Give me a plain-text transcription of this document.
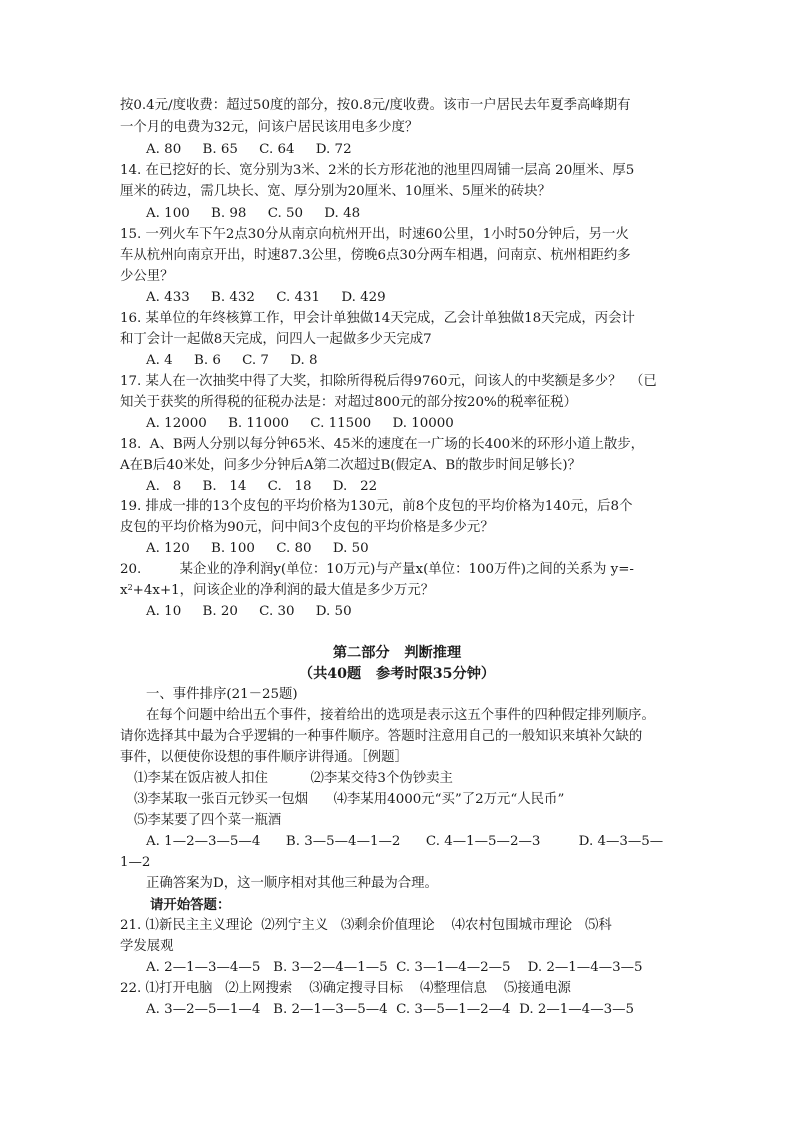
按0.4元/度收费：超过50度的部分，按0.8元/度收费。该市一户居民去年夏季高峰期有
一个月的电费为32元，问该户居民该用电多少度？
A. 80     B. 65     C. 64     D. 72
14. 在已挖好的长、宽分别为3米、2米的长方形花池的池里四周铺一层高 20厘米、厚5
厘米的砖边，需几块长、宽、厚分别为20厘米、10厘米、5厘米的砖块？
A. 100     B. 98     C. 50     D. 48
15. 一列火车下午2点30分从南京向杭州开出，时速60公里，1小时50分钟后，另一火
车从杭州向南京开出，时速87.3公里，傍晚6点30分两车相遇，问南京、杭州相距约多
少公里？
A. 433     B. 432     C. 431     D. 429
16. 某单位的年终核算工作，甲会计单独做14天完成，乙会计单独做18天完成，丙会计
和丁会计一起做8天完成，问四人一起做多少天完成7
A. 4     B. 6     C. 7     D. 8
17. 某人在一次抽奖中得了大奖，扣除所得税后得9760元，问该人的中奖额是多少？  （已
知关于获奖的所得税的征税办法是：对超过800元的部分按20%的税率征税）
A. 12000     B. 11000     C. 11500     D. 10000
18.  A、B两人分别以每分钟65米、45米的速度在一广场的长400米的环形小道上散步，
A在B后40米处，问多少分钟后A第二次超过B(假定A、B的散步时间足够长)？
A.   8     B.   14     C.   18     D.   22
19. 排成一排的13个皮包的平均价格为130元，前8个皮包的平均价格为140元，后8个
皮包的平均价格为90元，问中间3个皮包的平均价格是多少元？
A. 120     B. 100     C. 80     D. 50
20.         某企业的净利润y(单位：10万元)与产量x(单位：100万件)之间的关系为 y=-
$x^2+4x+1$，问该企业的净利润的最大值是多少万元？
A. 10     B. 20     C. 30     D. 50
第二部分   判断推理
（共40题   参考时限35分钟）
一、事件排序(21－25题)
在每个问题中给出五个事件，接着给出的选项是表示这五个事件的四种假定排列顺序。
请你选择其中最为合乎逻辑的一种事件顺序。答题时注意用自己的一般知识来填补欠缺的
事件，以便使你设想的事件顺序讲得通。［例题］
⑴李某在饭店被人扣住          ⑵李某交待3个伪钞卖主
⑶李某取一张百元钞买一包烟      ⑷李某用4000元“买”了2万元“人民币”
⑸李某要了四个菜一瓶酒
A. 1—2—3—5—4      B. 3—5—4—1—2      C. 4—1—5—2—3         D. 4—3—5—
1—2
正确答案为D，这一顺序相对其他三种最为合理。
请开始答题：
21. ⑴新民主主义理论  ⑵列宁主义   ⑶剩余价值理论    ⑷农村包围城市理论   ⑸科
学发展观
A. 2—1—3—4—5   B. 3—2—4—1—5  C. 3—1—4—2—5    D. 2—1—4—3—5
22. ⑴打开电脑   ⑵上网搜索    ⑶确定搜寻目标    ⑷整理信息    ⑸接通电源
A. 3—2—5—1—4   B. 2—1—3—5—4  C. 3—5—1—2—4  D. 2—1—4—3—5
